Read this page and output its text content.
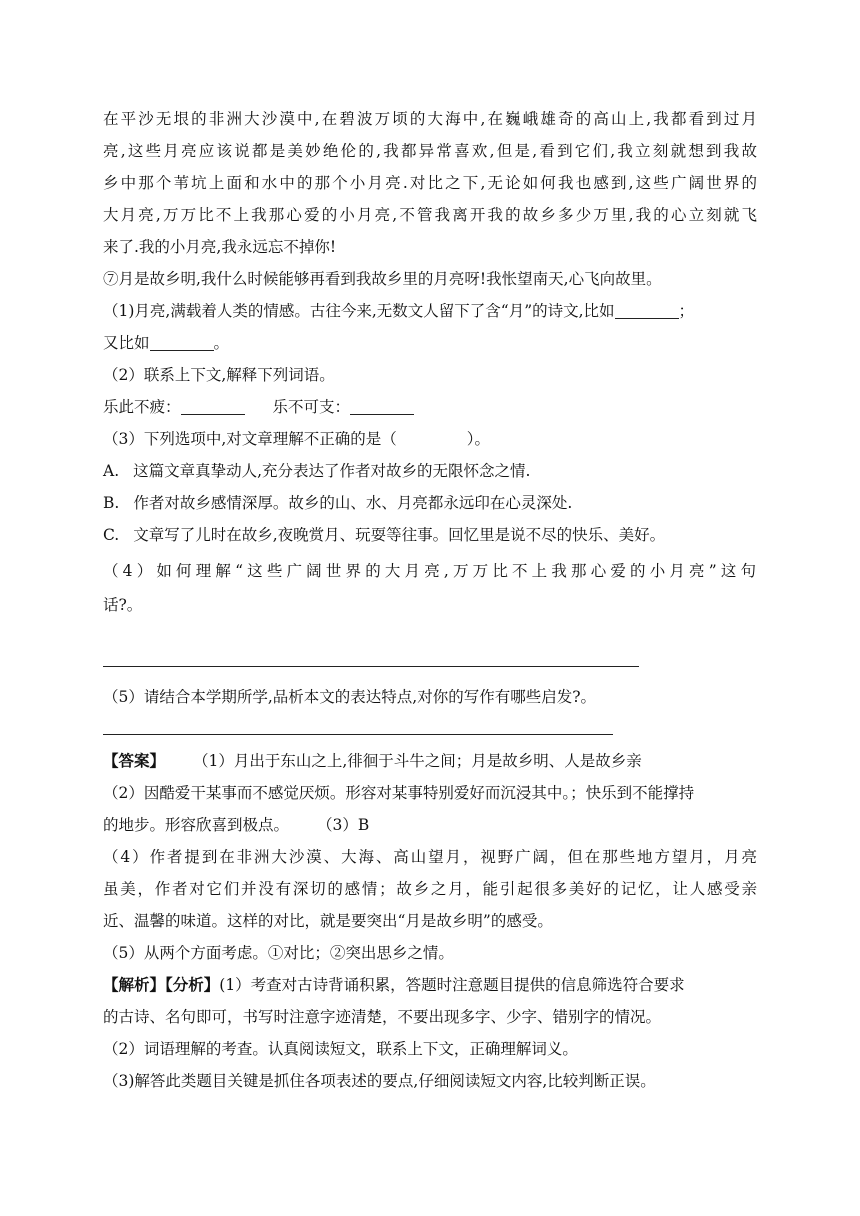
在平沙无垠的非洲大沙漠中,在碧波万顷的大海中,在巍峨雄奇的高山上,我都看到过月

亮,这些月亮应该说都是美妙绝伦的,我都异常喜欢,但是,看到它们,我立刻就想到我故

乡中那个苇坑上面和水中的那个小月亮.对比之下,无论如何我也感到,这些广阔世界的

大月亮,万万比不上我那心爱的小月亮,不管我离开我的故乡多少万里,我的心立刻就飞

来了.我的小月亮,我永远忘不掉你!

⑦月是故乡明,我什么时候能够再看到我故乡里的月亮呀!我怅望南天,心飞向故里。

（1)月亮,满载着人类的情感。古往今来,无数文人留下了含“月”的诗文,比如	；

又比如	。

（2）联系上下文,解释下列词语。

乐此不疲：	乐不可支：

（3）下列选项中,对文章理解不正确的是（	）。

A. 这篇文章真挚动人,充分表达了作者对故乡的无限怀念之情.

B. 作者对故乡感情深厚。故乡的山、水、月亮都永远印在心灵深处.

C. 文章写了儿时在故乡,夜晚赏月、玩耍等往事。回忆里是说不尽的快乐、美好。

（4）如何理解“这些广阔世界的大月亮,万万比不上我那心爱的小月亮”这句

话?。

（5）请结合本学期所学,品析本文的表达特点,对你的写作有哪些启发?。

【答案】 （1）月出于东山之上,徘徊于斗牛之间；月是故乡明、人是故乡亲

（2）因酷爱干某事而不感觉厌烦。形容对某事特别爱好而沉浸其中。；快乐到不能撑持

的地步。形容欣喜到极点。 （3）B

（4）作者提到在非洲大沙漠、大海、高山望月，视野广阔，但在那些地方望月，月亮

虽美，作者对它们并没有深切的感情；故乡之月，能引起很多美好的记忆，让人感受亲

近、温馨的味道。这样的对比，就是要突出“月是故乡明”的感受。

（5）从两个方面考虑。①对比；②突出思乡之情。

【解析】【分析】(1）考查对古诗背诵积累，答题时注意题目提供的信息筛选符合要求

的古诗、名句即可，书写时注意字迹清楚，不要出现多字、少字、错别字的情况。

（2）词语理解的考查。认真阅读短文，联系上下文，正确理解词义。

（3)解答此类题目关键是抓住各项表述的要点,仔细阅读短文内容,比较判断正误。
